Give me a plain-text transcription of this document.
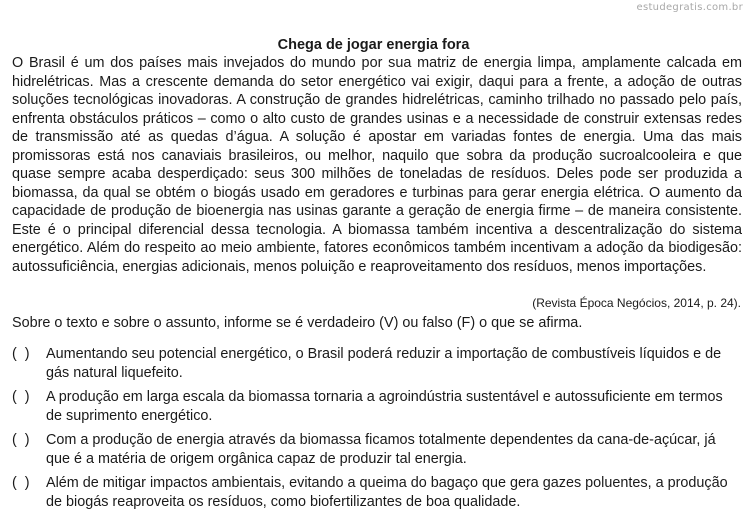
estudegratis.com.br
Chega de jogar energia fora

O Brasil é um dos países mais invejados do mundo por sua matriz de energia limpa, amplamente calcada em hidrelétricas. Mas a crescente demanda do setor energético vai exigir, daqui para a frente, a adoção de outras soluções tecnológicas inovadoras. A construção de grandes hidrelétricas, caminho trilhado no passado pelo país, enfrenta obstáculos práticos – como o alto custo de grandes usinas e a necessidade de construir extensas redes de transmissão até as quedas d’água. A solução é apostar em variadas fontes de energia. Uma das mais promissoras está nos canaviais brasileiros, ou melhor, naquilo que sobra da produção sucroalcooleira e que quase sempre acaba desperdiçado: seus 300 milhões de toneladas de resíduos. Deles pode ser produzida a biomassa, da qual se obtém o biogás usado em geradores e turbinas para gerar energia elétrica. O aumento da capacidade de produção de bioenergia nas usinas garante a geração de energia firme – de maneira consistente. Este é o principal diferencial dessa tecnologia. A biomassa também incentiva a descentralização do sistema energético. Além do respeito ao meio ambiente, fatores econômicos também incentivam a adoção da biodigesão: autossuficiência, energias adicionais, menos poluição e reaproveitamento dos resíduos, menos importações.

(Revista Época Negócios, 2014, p. 24).

Sobre o texto e sobre o assunto, informe se é verdadeiro (V) ou falso (F) o que se afirma.

(  )	Aumentando seu potencial energético, o Brasil poderá reduzir a importação de combustíveis líquidos e de gás natural liquefeito.
(  )	A produção em larga escala da biomassa tornaria a agroindústria sustentável e autossuficiente em termos de suprimento energético.
(  )	Com a produção de energia através da biomassa ficamos totalmente dependentes da cana-de-açúcar, já que é a matéria de origem orgânica capaz de produzir tal energia.
(  )	Além de mitigar impactos ambientais, evitando a queima do bagaço que gera gazes poluentes, a produção de biogás reaproveita os resíduos, como biofertilizantes de boa qualidade.
